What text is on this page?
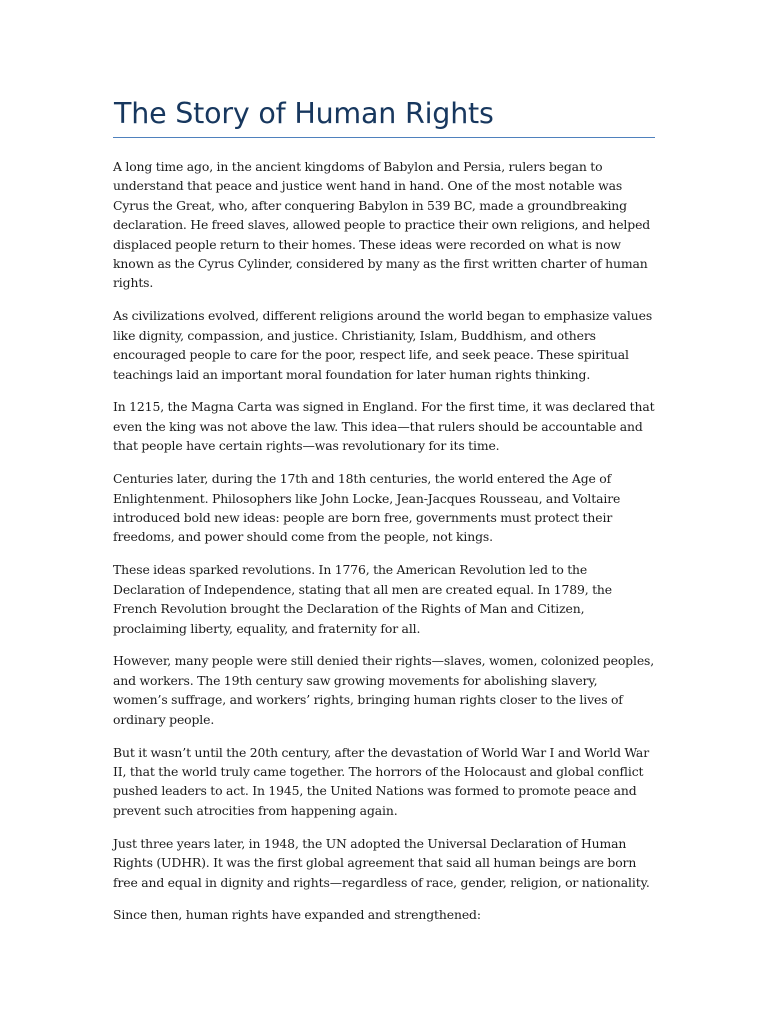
The Story of Human Rights

A long time ago, in the ancient kingdoms of Babylon and Persia, rulers began to understand that peace and justice went hand in hand. One of the most notable was Cyrus the Great, who, after conquering Babylon in 539 BC, made a groundbreaking declaration. He freed slaves, allowed people to practice their own religions, and helped displaced people return to their homes. These ideas were recorded on what is now known as the Cyrus Cylinder, considered by many as the first written charter of human rights.

As civilizations evolved, different religions around the world began to emphasize values like dignity, compassion, and justice. Christianity, Islam, Buddhism, and others encouraged people to care for the poor, respect life, and seek peace. These spiritual teachings laid an important moral foundation for later human rights thinking.

In 1215, the Magna Carta was signed in England. For the first time, it was declared that even the king was not above the law. This idea—that rulers should be accountable and that people have certain rights—was revolutionary for its time.

Centuries later, during the 17th and 18th centuries, the world entered the Age of Enlightenment. Philosophers like John Locke, Jean-Jacques Rousseau, and Voltaire introduced bold new ideas: people are born free, governments must protect their freedoms, and power should come from the people, not kings.

These ideas sparked revolutions. In 1776, the American Revolution led to the Declaration of Independence, stating that all men are created equal. In 1789, the French Revolution brought the Declaration of the Rights of Man and Citizen, proclaiming liberty, equality, and fraternity for all.

However, many people were still denied their rights—slaves, women, colonized peoples, and workers. The 19th century saw growing movements for abolishing slavery, women’s suffrage, and workers’ rights, bringing human rights closer to the lives of ordinary people.

But it wasn’t until the 20th century, after the devastation of World War I and World War II, that the world truly came together. The horrors of the Holocaust and global conflict pushed leaders to act. In 1945, the United Nations was formed to promote peace and prevent such atrocities from happening again.

Just three years later, in 1948, the UN adopted the Universal Declaration of Human Rights (UDHR). It was the first global agreement that said all human beings are born free and equal in dignity and rights—regardless of race, gender, religion, or nationality.

Since then, human rights have expanded and strengthened:
